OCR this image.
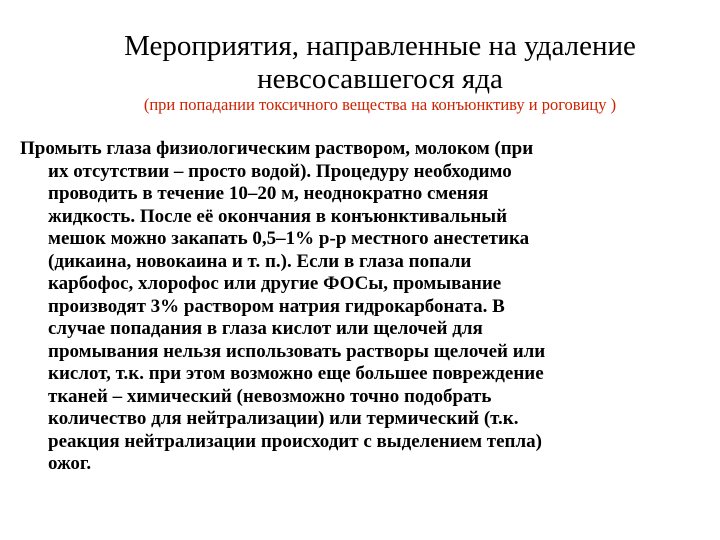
Мероприятия, направленные на удаление
невсосавшегося яда

(при попадании токсичного вещества на конъюнктиву и роговицу )

Промыть глаза физиологическим раствором, молоком (при
их отсутствии – просто водой). Процедуру необходимо
проводить в течение 10–20 м, неоднократно сменяя
жидкость. После её окончания в конъюнктивальный
мешок можно закапать 0,5–1% р-р местного анестетика
(дикаина, новокаина и т. п.). Если в глаза попали
карбофос, хлорофос или другие ФОСы, промывание
производят 3% раствором натрия гидрокарбоната. В
случае попадания в глаза кислот или щелочей для
промывания нельзя использовать растворы щелочей или
кислот, т.к. при этом возможно еще большее повреждение
тканей – химический (невозможно точно подобрать
количество для нейтрализации) или термический (т.к.
реакция нейтрализации происходит с выделением тепла)
ожог.
